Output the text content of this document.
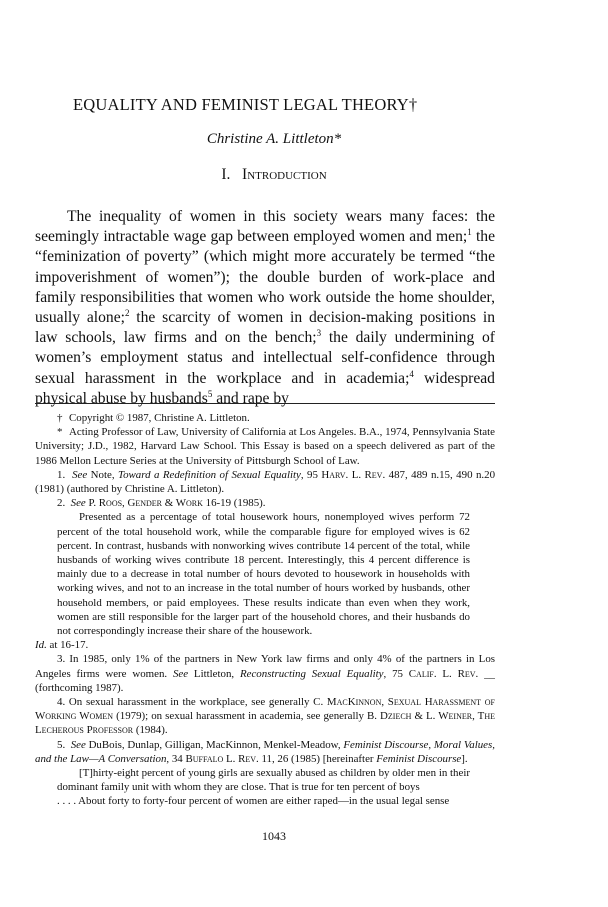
EQUALITY AND FEMINIST LEGAL THEORY†
Christine A. Littleton*
I. Introduction
The inequality of women in this society wears many faces: the seemingly intractable wage gap between employed women and men;$^1$ the “feminization of poverty” (which might more accurately be termed “the impoverishment of women”); the double burden of work-place and family responsibilities that women who work outside the home shoulder, usually alone;$^2$ the scarcity of women in decision-making positions in law schools, law firms and on the bench;$^3$ the daily undermining of women’s employment status and intellectual self-confidence through sexual harassment in the workplace and in academia;$^4$ widespread physical abuse by husbands$^5$ and rape by

† Copyright © 1987, Christine A. Littleton.

* Acting Professor of Law, University of California at Los Angeles. B.A., 1974, Pennsylvania State University; J.D., 1982, Harvard Law School. This Essay is based on a speech delivered as part of the 1986 Mellon Lecture Series at the University of Pittsburgh School of Law.

1. See Note, Toward a Redefinition of Sexual Equality, 95 Harv. L. Rev. 487, 489 n.15, 490 n.20 (1981) (authored by Christine A. Littleton).

2. See P. Roos, Gender & Work 16-19 (1985).

Presented as a percentage of total housework hours, nonemployed wives perform 72 percent of the total household work, while the comparable figure for employed wives is 62 percent. In contrast, husbands with nonworking wives contribute 14 percent of the total, while husbands of working wives contribute 18 percent. Interestingly, this 4 percent difference is mainly due to a decrease in total number of hours devoted to housework in households with working wives, and not to an increase in the total number of hours worked by husbands, other household members, or paid employees. These results indicate than even when they work, women are still responsible for the larger part of the household chores, and their husbands do not correspondingly increase their share of the housework.

Id. at 16-17.

3. In 1985, only 1% of the partners in New York law firms and only 4% of the partners in Los Angeles firms were women. See Littleton, Reconstructing Sexual Equality, 75 Calif. L. Rev. __ (forthcoming 1987).

4. On sexual harassment in the workplace, see generally C. MacKinnon, Sexual Harassment of Working Women (1979); on sexual harassment in academia, see generally B. Dziech & L. Weiner, The Lecherous Professor (1984).

5. See DuBois, Dunlap, Gilligan, MacKinnon, Menkel-Meadow, Feminist Discourse, Moral Values, and the Law—A Conversation, 34 Buffalo L. Rev. 11, 26 (1985) [hereinafter Feminist Discourse].

[T]hirty-eight percent of young girls are sexually abused as children by older men in their dominant family unit with whom they are close. That is true for ten percent of boys

. . . . About forty to forty-four percent of women are either raped—in the usual legal sense

1043
